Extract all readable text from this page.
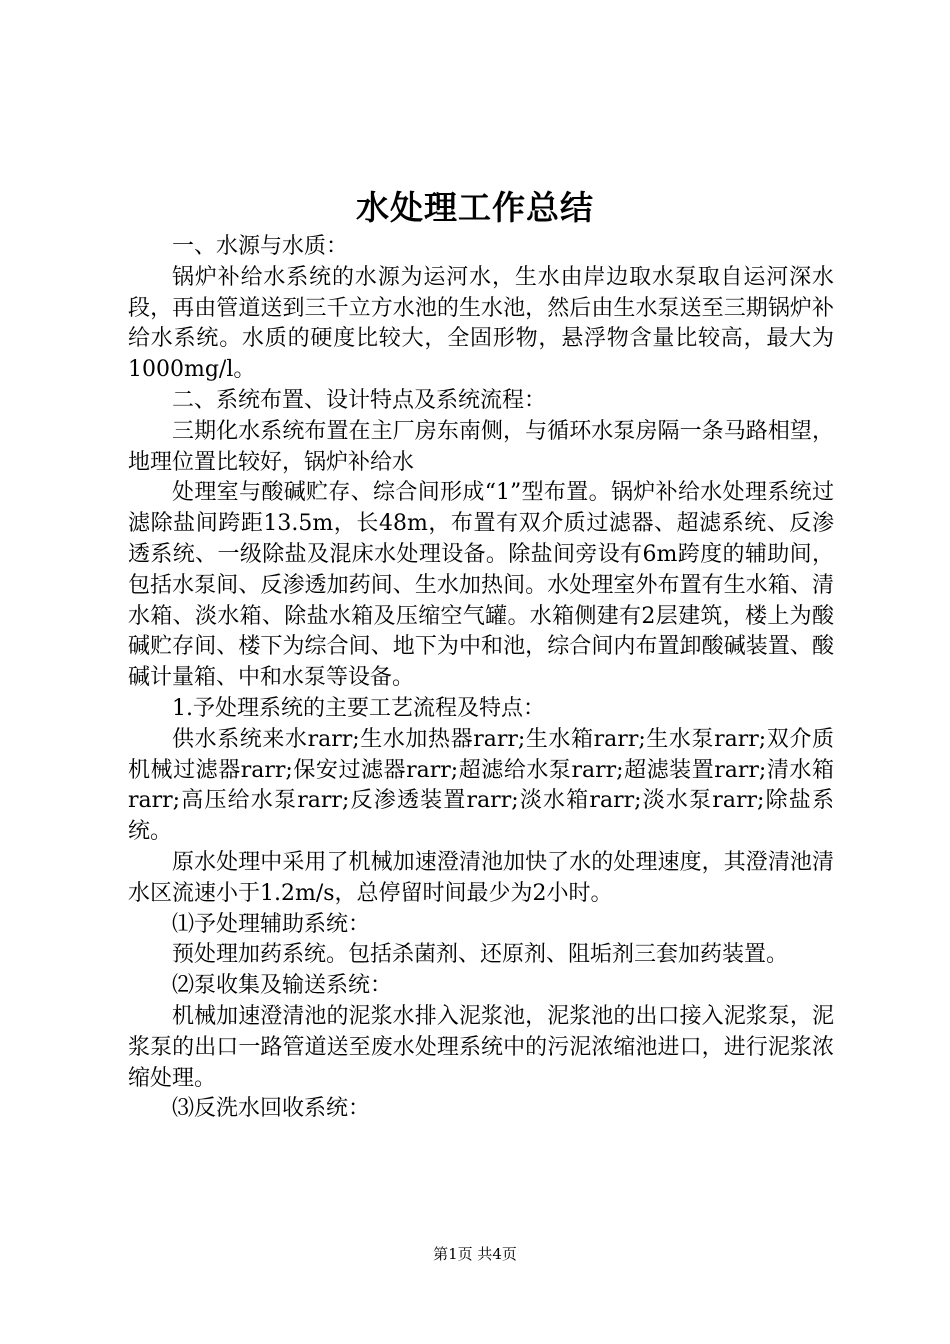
水处理工作总结

一、水源与水质：

锅炉补给水系统的水源为运河水，生水由岸边取水泵取自运河深水段，再由管道送到三千立方水池的生水池，然后由生水泵送至三期锅炉补给水系统。水质的硬度比较大，全固形物，悬浮物含量比较高，最大为1000mg/l。

二、系统布置、设计特点及系统流程：

三期化水系统布置在主厂房东南侧，与循环水泵房隔一条马路相望，地理位置比较好，锅炉补给水

处理室与酸碱贮存、综合间形成“1”型布置。锅炉补给水处理系统过滤除盐间跨距13.5m，长48m，布置有双介质过滤器、超滤系统、反渗透系统、一级除盐及混床水处理设备。除盐间旁设有6m跨度的辅助间，包括水泵间、反渗透加药间、生水加热间。水处理室外布置有生水箱、清水箱、淡水箱、除盐水箱及压缩空气罐。水箱侧建有2层建筑，楼上为酸碱贮存间、楼下为综合间、地下为中和池，综合间内布置卸酸碱装置、酸碱计量箱、中和水泵等设备。

1.予处理系统的主要工艺流程及特点：

供水系统来水rarr;生水加热器rarr;生水箱rarr;生水泵rarr;双介质机械过滤器rarr;保安过滤器rarr;超滤给水泵rarr;超滤装置rarr;清水箱rarr;高压给水泵rarr;反渗透装置rarr;淡水箱rarr;淡水泵rarr;除盐系统。

原水处理中采用了机械加速澄清池加快了水的处理速度，其澄清池清水区流速小于1.2m/s，总停留时间最少为2小时。

⑴予处理辅助系统：

预处理加药系统。包括杀菌剂、还原剂、阻垢剂三套加药装置。

⑵泵收集及输送系统：

机械加速澄清池的泥浆水排入泥浆池，泥浆池的出口接入泥浆泵，泥浆泵的出口一路管道送至废水处理系统中的污泥浓缩池进口，进行泥浆浓缩处理。

⑶反洗水回收系统：

第1页 共4页
